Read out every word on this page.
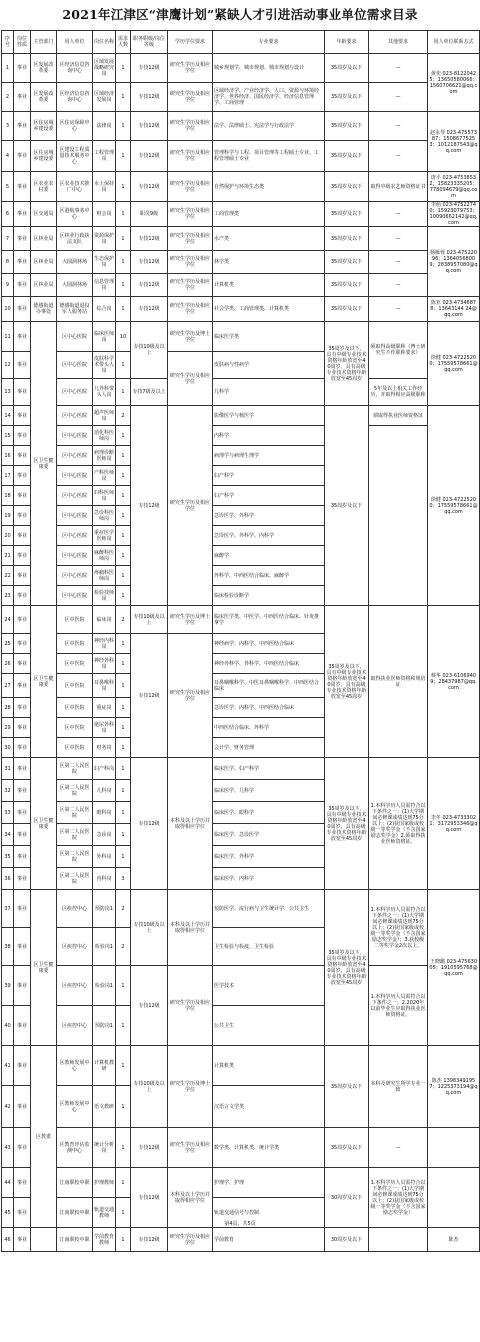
2021年江津区“津鹰计划”紧缺人才引进活动事业单位需求目录
序号	岗位性质	主管部门	用人单位	岗位名称	需求人数	职务职级/岗位等级	学历学位要求	专业要求	年龄要求	其他要求	用人单位联系方式
1	事业	区发展改革委	区经济信息咨询中心	区域发展战略研究岗	1	专技12级	研究生学历及相应学位	城乡规划学、城市规划、城市规划与设计	35周岁及以下	—	黄奕 023-81220425；13650580066；1560706621@qq.com
2	事业	区发展改革委	区经济信息咨询中心	区域经济发展岗	1	专技12级	研究生学历及相应学位	区域经济学、产业经济学、人口、资源与环境经济学、世界经济、国民经济学、经济信息管理学、工商管理	35周岁及以下	—	
3	事业	区住房城乡建设委	区住房保障中心	法律岗	1	专技12级	研究生学历及相应学位	法学、法律硕士、宪法学与行政法学	35周岁及以下	—	赵永琴 023-47557387；15086775253；1012187543@qq.com
4	事业	区住房城乡建设委	区建设工程质量技术服务中心	工程管理岗	1	专技12级	研究生学历及相应学位	管理科学与工程、项目管理等工程硕士专业、工程管理硕士专业	35周岁及以下	—	
5	事业	区农业农村委	区农业技术推广中心	水土保持岗	1	专技12级	研究生学历及相应学位	自然保护与环境生态类	35周岁及以下	取得中级农艺师资格证书	唐平 023-47538532；15823335205；778094679@qq.com
6	事业	区交通局	区港航事务中心	财会岗	1	职员9级	研究生学历及相应学位	工商管理类	35周岁及以下	—	李萌 023-47522740；15923079753；10090662142@qq.com
7	事业	区林业局	区林业行政执法支队	资源保护岗	1	专技12级	研究生学历及相应学位	水产类	35周岁及以下	—	杨雁蓉 023-47522096；13640568009；2838957080@qq.com
8	事业	区林业局	大圆洞林场	生态保护岗	1	专技12级	研究生学历及相应学位	林学类	35周岁及以下	—	
9	事业	区林业局	大圆洞林场	信息管理岗	1	专技12级	研究生学历及相应学位	计算机类	35周岁及以下	—	
10	事业	德感街道办事处	德感街道退役军人服务站	综合岗	1	专技12级	研究生学历及相应学位	社会学类、工商管理类、计算机类	35周岁及以下	—	陈亚 023-47346878；13643144 24@qq.com
11	事业	区卫生健康委	区中心医院	临床医师岗	10	专技10级及以上	研究生学历及博士学位	临床医学类	35周岁及以下，具有中级专业技术资格年龄放宽至40周岁，具有高级专业技术资格年龄放宽至45周岁	须取得高级职称（博士研究生不作职称要求）	徐健 023-47225200；17559578661@qq.com
12	事业		区中心医院	皮肤科学术带头人岗	1		研究生学历及相应学位	皮肤病与性病学			
13	事业		区中心医院	儿外科带头人岗	1	专技7级及以上		儿科学		5年及以上相关工作经历，并取得相应高级职称	
14	事业		区中心医院	超声医师岗	2	专技12级	研究生学历及相应学位	影像医学与核医学	35周岁及以下	须取得执业医师资格证	徐健 023-47225200；17559578661@qq.com
15	事业		区中心医院	消化科医师岗	1			内科学			
16	事业		区中心医院	病理诊断医师岗	1			病理学与病理生理学			
17	事业		区中心医院	产科医师岗	1			妇产科学			
18	事业		区中心医院	妇科医师岗	1			妇产科学			
19	事业		区中心医院	急诊科医师岗	1			急诊医学、外科学			
20	事业		区中心医院	重症医学医师岗	1			急诊医学、外科学、内科学			
21	事业		区中心医院	麻醉科医师岗	1			麻醉学			
22	事业		区中心医院	疼痛科医师岗	1			外科学、中西医结合临床、麻醉学			
23	事业		区中心医院	检验技师岗	1			临床检验诊断学			
24	事业	区卫生健康委	区中医院	临床岗	2	专技10级及以上	研究生学历及博士学位	临床医学类、中医学、中西医结合临床、针灸推拿学	35周岁及以下，具有中级专业技术资格年龄放宽至40周岁，具有高级专业技术资格年龄放宽至45周岁	取得执业医师资格和规培证	蔡华 023-61069409；28437987@qq.com
25	事业		区中医院	神经内科岗	1	专技12级	研究生学历及相应学位	神经病学、内科学、中西医结合临床			
26	事业		区中医院	神经外科岗	1			神经外科学、外科学、中西医结合临床			
27	事业		区中医院	耳鼻喉科岗	1			耳鼻咽喉科学、中医耳鼻咽喉科学、中西医结合临床			
28	事业		区中医院	重症岗	1			急诊医学、内科学、中西医结合临床			
29	事业		区中医院	泌尿外科岗	1			中西医结合临床、外科学			
30	事业		区中医院	财务岗	1			会计学、财务管理			
31	事业	区卫生健康委	区第二人民医院	妇产科岗	1	专技12级	本科及以上学历并取得相应学位	临床医学、妇产科学	35周岁及以下，具有中级专业技术资格年龄放宽至40周岁，具有高级专业技术资格年龄放宽至45周岁	1.本科学历人员需符合以下条件之一：(1)大学期间必修课成绩达到75分以上；(2)获国家级或校级一等奖学金（不含国家励志奖学金）2.须取得执业医师资格证。	李冬 023-47333021；3172953346@qq.com
32	事业		区第二人民医院	儿科岗	1			临床医学、儿科学			
33	事业		区第二人民医院	眼科岗	1			临床医学、眼科学			
34	事业		区第二人民医院	急诊岗	1			临床医学、急诊医学			
35	事业		区第二人民医院	外科岗	1			临床医学、外科学			
36	事业		区第二人民医院	内科岗	3			临床医学、内科学			
37	事业	区卫生健康委	区疾控中心	预防岗1	2	专技10级及以上	本科及以上学历并取得相应学位	预防医学、流行病与卫生统计学、公共卫生	35周岁及以下，具有中级专业技术资格年龄放宽至40周岁，具有高级专业技术资格年龄放宽至45周岁	1.本科学历人员需符合以下条件之一：(1)大学期间必修课成绩达到75分以上；(2)获国家级或校级一等奖学金（不含国家励志奖学金）；3.获校级二等奖学金2次以上。	王晓璐 023-47563005；1910595768@qq.com
38	事业		区疾控中心	检验岗1	2			卫生检验与检疫、卫生检验			
39	事业		区疾控中心	检验岗1	1	专技12级	研究生学历及相应学位	医学技术		1.本科学历人员需符合以下条件之一；2.2020年以前毕业生应取得执业医师资格证。	
40	事业		区疾控中心	预防岗1	1			公共卫生			
41	事业	区教委	区教师发展中心	计算机教研	1	专技10级及以上	研究生学历及博士学位	计算机类	35周岁及以下	本科及研究生所学专业一致	陈杰 13983491957；1225373194@qq.com
42	事业		区教师发展中心	语文教研	1			汉语言文学类			
43	事业		区教育评估监测中心	统计分析岗	1	专技12级	研究生学历及相应学位	数学类、计算机类、统计学类	35周岁及以下	—	
44	事业		江南职校中职	护理教师	1	专技12级	本科及以上学历并取得相应学位	护理学、护理	30周岁及以下	1.本科学历人员需符合以下条件之一：(1)大学期间必修课成绩达到75分以上；(2)获国家级或校级一等奖学金（不含国家励志奖学金）	
45	事业		江南职校中职	轨道交通教师	1			轨道交通信号与控制			
46	事业		江南职校中职	学前教育教师	1	专技12级	研究生学历及相应学位	学前教育	30周岁及以下		陈杰
第4页，共5页
